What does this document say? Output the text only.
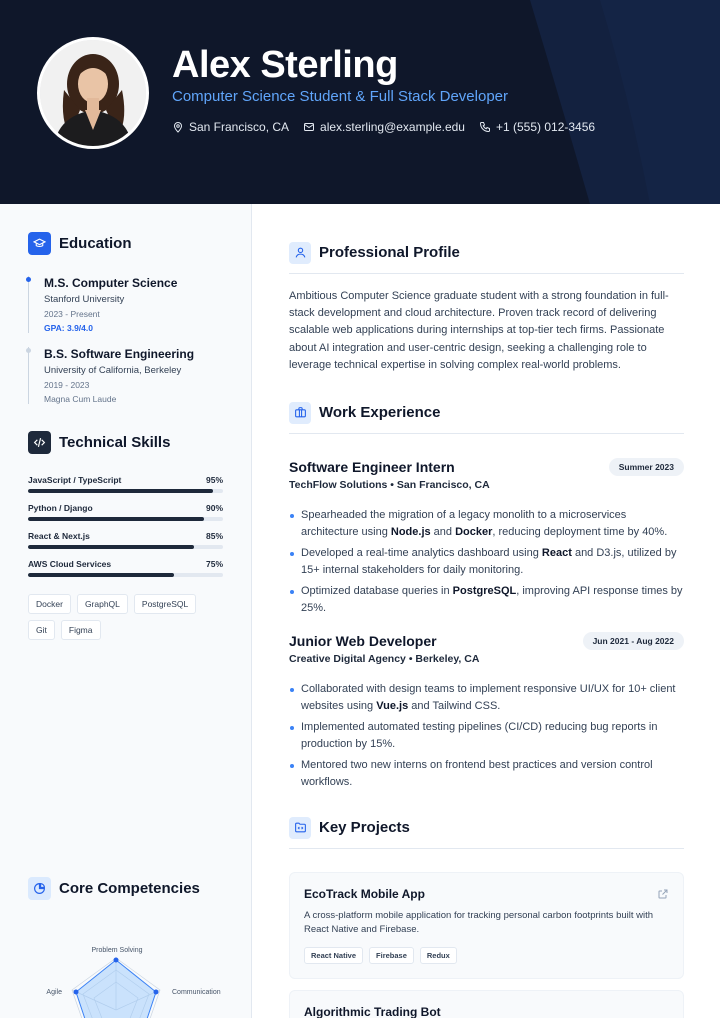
Alex Sterling
Computer Science Student & Full Stack Developer
San Francisco, CA	alex.sterling@example.edu	+1 (555) 012-3456
Education
M.S. Computer Science
Stanford University
2023 - Present
GPA: 3.9/4.0
B.S. Software Engineering
University of California, Berkeley
2019 - 2023
Magna Cum Laude
Technical Skills
JavaScript / TypeScript	95%
Python / Django	90%
React & Next.js	85%
AWS Cloud Services	75%
Docker	GraphQL	PostgreSQL
Git	Figma
Core Competencies
Problem Solving
Communication
Agile
Professional Profile

Ambitious Computer Science graduate student with a strong foundation in full-stack development and cloud architecture. Proven track record of delivering scalable web applications during internships at top-tier tech firms. Passionate about AI integration and user-centric design, seeking a challenging role to leverage technical expertise in solving complex real-world problems.

Work Experience
Software Engineer Intern	Summer 2023
TechFlow Solutions • San Francisco, CA
Spearheaded the migration of a legacy monolith to a microservices architecture using Node.js and Docker, reducing deployment time by 40%.
Developed a real-time analytics dashboard using React and D3.js, utilized by 15+ internal stakeholders for daily monitoring.
Optimized database queries in PostgreSQL, improving API response times by 25%.
Junior Web Developer	Jun 2021 - Aug 2022
Creative Digital Agency • Berkeley, CA
Collaborated with design teams to implement responsive UI/UX for 10+ client websites using Vue.js and Tailwind CSS.
Implemented automated testing pipelines (CI/CD) reducing bug reports in production by 15%.
Mentored two new interns on frontend best practices and version control workflows.
Key Projects
EcoTrack Mobile App

A cross-platform mobile application for tracking personal carbon footprints built with React Native and Firebase.

React Native	Firebase	Redux
Algorithmic Trading Bot
